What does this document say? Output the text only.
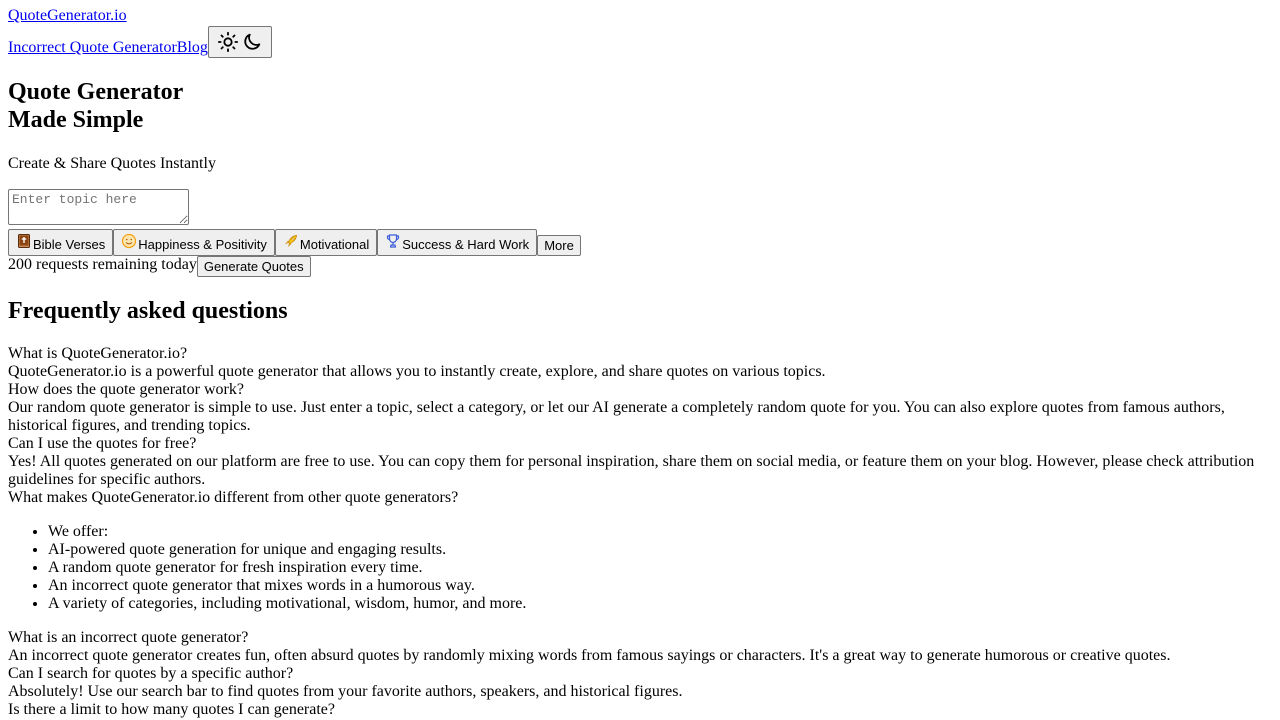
QuoteGenerator.io
Incorrect Quote Generator Blog
Quote Generator
Made Simple

Create & Share Quotes Instantly

Enter topic here
Bible Verses	Happiness & Positivity	Motivational	Success & Hard Work	More
200 requests remaining today Generate Quotes
Frequently asked questions
What is QuoteGenerator.io?
QuoteGenerator.io is a powerful quote generator that allows you to instantly create, explore, and share quotes on various topics.
How does the quote generator work?
Our random quote generator is simple to use. Just enter a topic, select a category, or let our AI generate a completely random quote for you. You can also explore quotes from famous authors, historical figures, and trending topics.
Can I use the quotes for free?
Yes! All quotes generated on our platform are free to use. You can copy them for personal inspiration, share them on social media, or feature them on your blog. However, please check attribution guidelines for specific authors.
What makes QuoteGenerator.io different from other quote generators?
• We offer:
• AI-powered quote generation for unique and engaging results.
• A random quote generator for fresh inspiration every time.
• An incorrect quote generator that mixes words in a humorous way.
• A variety of categories, including motivational, wisdom, humor, and more.
What is an incorrect quote generator?
An incorrect quote generator creates fun, often absurd quotes by randomly mixing words from famous sayings or characters. It's a great way to generate humorous or creative quotes.
Can I search for quotes by a specific author?
Absolutely! Use our search bar to find quotes from your favorite authors, speakers, and historical figures.
Is there a limit to how many quotes I can generate?
